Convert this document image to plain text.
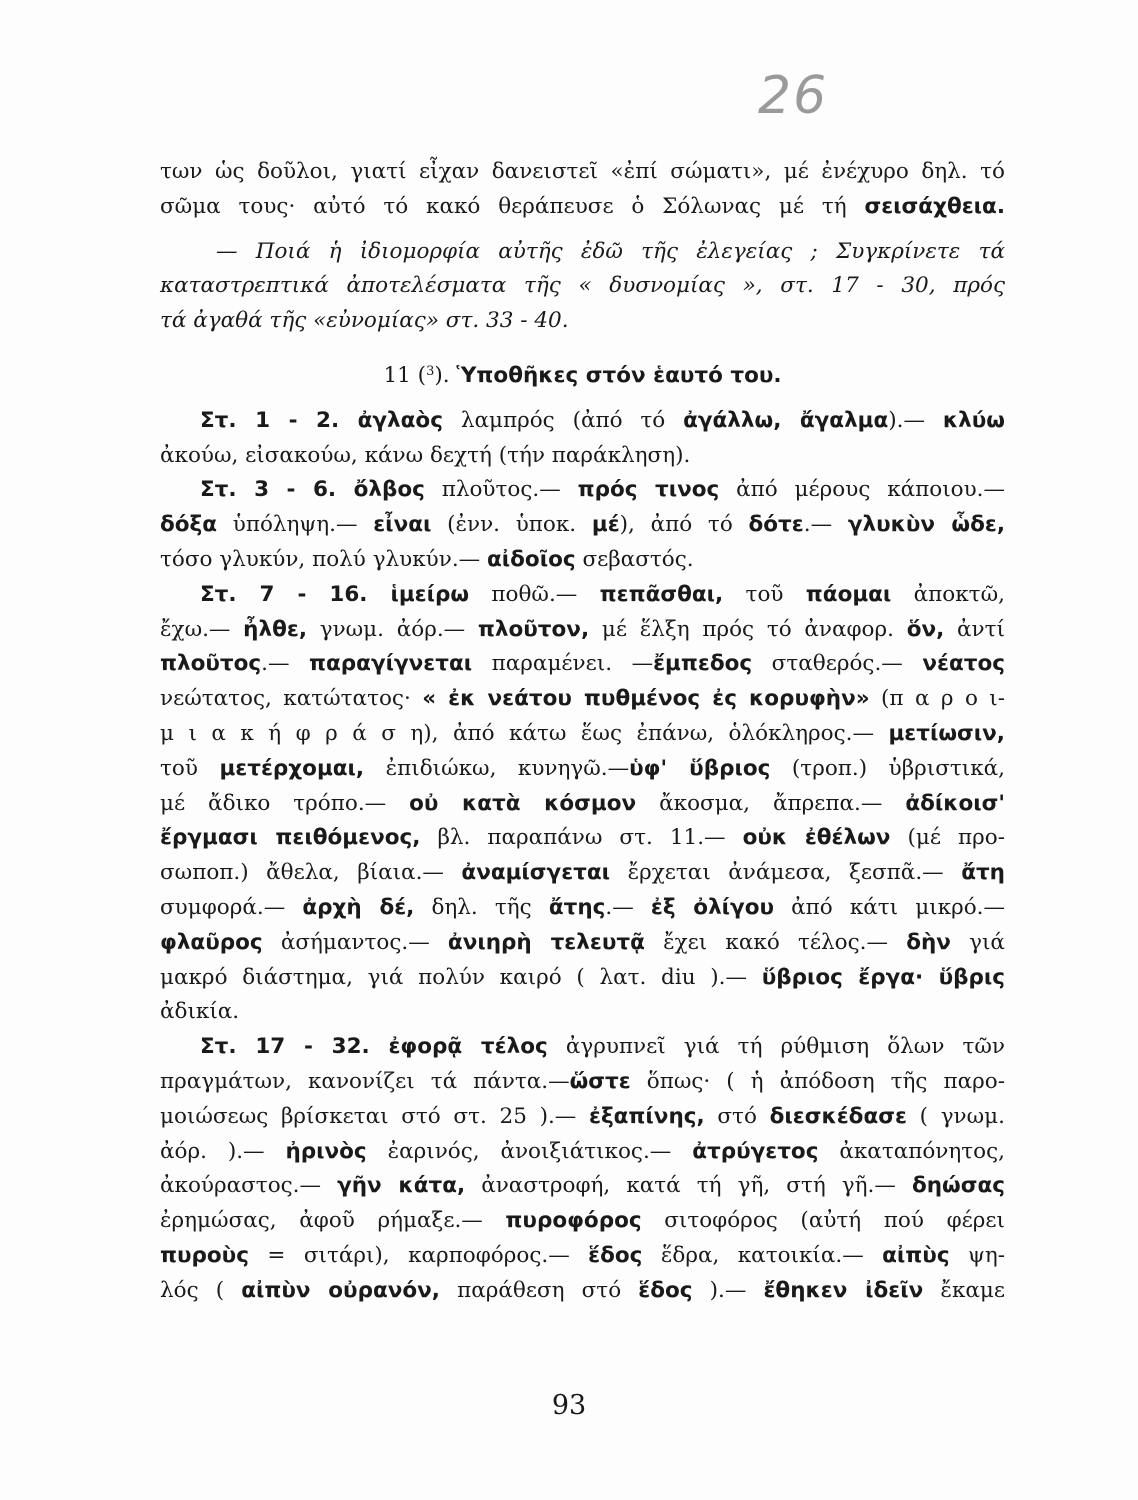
26
των ὡς δοῦλοι, γιατί εἶχαν δανειστεῖ «ἐπί σώματι», μέ ἐνέχυρο δηλ. τό
σῶμα τους· αὐτό τό κακό θεράπευσε ὁ Σόλωνας μέ τή σεισάχθεια.
— Ποιά ἡ ἰδιομορφία αὐτῆς ἐδῶ τῆς ἐλεγείας ; Συγκρίνετε τά
καταστρεπτικά ἀποτελέσματα τῆς « δυσνομίας », στ. 17 - 30, πρός
τά ἀγαθά τῆς «εὐνομίας» στ. 33 - 40.
11 ($^3$). Ὑποθῆκες στόν ἑαυτό του.
Στ. 1 - 2. ἀγλαὸς λαμπρός (ἀπό τό ἀγάλλω, ἄγαλμα).— κλύω
ἀκούω, εἰσακούω, κάνω δεχτή (τήν παράκληση).
Στ. 3 - 6. ὄλβος πλοῦτος.— πρός τινος ἀπό μέρους κάποιου.—
δόξα ὑπόληψη.— εἶναι (ἐνν. ὑποκ. μέ), ἀπό τό δότε.— γλυκὺν ὧδε,
τόσο γλυκύν, πολύ γλυκύν.— αἰδοῖος σεβαστός.
Στ. 7 - 16. ἱμείρω ποθῶ.— πεπᾶσθαι, τοῦ πάομαι ἀποκτῶ,
ἔχω.— ἦλθε, γνωμ. ἀόρ.— πλοῦτον, μέ ἕλξη πρός τό ἀναφορ. ὅν, ἀντί
πλοῦτος.— παραγίγνεται παραμένει. —ἔμπεδος σταθερός.— νέατος
νεώτατος, κατώτατος· « ἐκ νεάτου πυθμένος ἐς κορυφὴν» (π α ρ ο ι-
μ ι α κ ή φ ρ ά σ η), ἀπό κάτω ἕως ἐπάνω, ὁλόκληρος.— μετίωσιν,
τοῦ μετέρχομαι, ἐπιδιώκω, κυνηγῶ.—ὑφ' ὕβριος (τροπ.) ὑβριστικά,
μέ ἄδικο τρόπο.— οὐ κατὰ κόσμον ἄκοσμα, ἄπρεπα.— ἀδίκοισ'
ἔργμασι πειθόμενος, βλ. παραπάνω στ. 11.— οὐκ ἐθέλων (μέ προ-
σωποπ.) ἄθελα, βίαια.— ἀναμίσγεται ἔρχεται ἀνάμεσα, ξεσπᾶ.— ἄτη
συμφορά.— ἀρχὴ δέ, δηλ. τῆς ἄτης.— ἐξ ὀλίγου ἀπό κάτι μικρό.—
φλαῦρος ἀσήμαντος.— ἀνιηρὴ τελευτᾷ ἔχει κακό τέλος.— δὴν γιά
μακρό διάστημα, γιά πολύν καιρό ( λατ. diu ).— ὕβριος ἔργα· ὕβρις
ἀδικία.
Στ. 17 - 32. ἐφορᾷ τέλος ἀγρυπνεῖ γιά τή ρύθμιση ὅλων τῶν
πραγμάτων, κανονίζει τά πάντα.—ὥστε ὅπως· ( ἡ ἀπόδοση τῆς παρο-
μοιώσεως βρίσκεται στό στ. 25 ).— ἐξαπίνης, στό διεσκέδασε ( γνωμ.
ἀόρ. ).— ἠρινὸς ἐαρινός, ἀνοιξιάτικος.— ἀτρύγετος ἀκαταπόνητος,
ἀκούραστος.— γῆν κάτα, ἀναστροφή, κατά τή γῆ, στή γῆ.— δηώσας
ἐρημώσας, ἀφοῦ ρήμαξε.— πυροφόρος σιτοφόρος (αὐτή πού φέρει
πυροὺς = σιτάρι), καρποφόρος.— ἕδος ἕδρα, κατοικία.— αἰπὺς ψη-
λός ( αἰπὺν οὐρανόν, παράθεση στό ἕδος ).— ἔθηκεν ἰδεῖν ἔκαμε
93
